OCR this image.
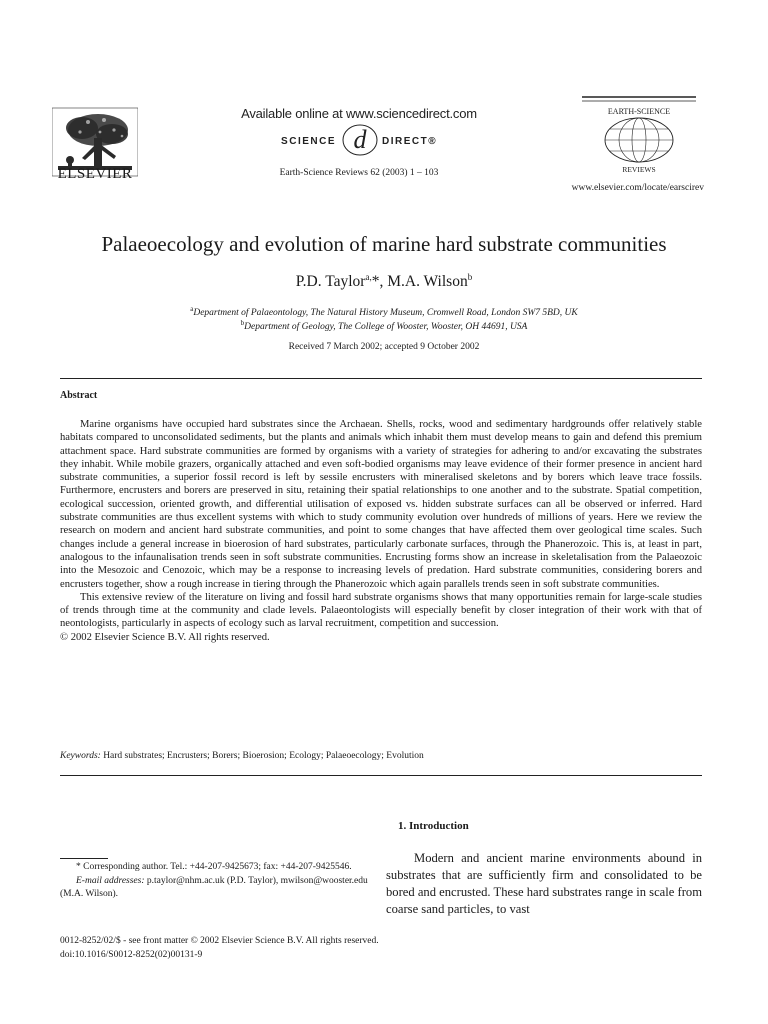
ELSEVIER
Available online at www.sciencedirect.com
SCIENCE d DIRECT®
Earth-Science Reviews 62 (2003) 1 – 103
EARTH-SCIENCE
REVIEWS
www.elsevier.com/locate/earscirev
Palaeoecology and evolution of marine hard substrate communities
P.D. Taylor$^{a,}$*, M.A. Wilson$^b$
$^a$Department of Palaeontology, The Natural History Museum, Cromwell Road, London SW7 5BD, UK
$^b$Department of Geology, The College of Wooster, Wooster, OH 44691, USA
Received 7 March 2002; accepted 9 October 2002
Abstract

Marine organisms have occupied hard substrates since the Archaean. Shells, rocks, wood and sedimentary hardgrounds offer relatively stable habitats compared to unconsolidated sediments, but the plants and animals which inhabit them must develop means to gain and defend this premium attachment space. Hard substrate communities are formed by organisms with a variety of strategies for adhering to and/or excavating the substrates they inhabit. While mobile grazers, organically attached and even soft-bodied organisms may leave evidence of their former presence in ancient hard substrate communities, a superior fossil record is left by sessile encrusters with mineralised skeletons and by borers which leave trace fossils. Furthermore, encrusters and borers are preserved in situ, retaining their spatial relationships to one another and to the substrate. Spatial competition, ecological succession, oriented growth, and differential utilisation of exposed vs. hidden substrate surfaces can all be observed or inferred. Hard substrate communities are thus excellent systems with which to study community evolution over hundreds of millions of years. Here we review the research on modern and ancient hard substrate communities, and point to some changes that have affected them over geological time scales. Such changes include a general increase in bioerosion of hard substrates, particularly carbonate surfaces, through the Phanerozoic. This is, at least in part, analogous to the infaunalisation trends seen in soft substrate communities. Encrusting forms show an increase in skeletalisation from the Palaeozoic into the Mesozoic and Cenozoic, which may be a response to increasing levels of predation. Hard substrate communities, considering borers and encrusters together, show a rough increase in tiering through the Phanerozoic which again parallels trends seen in soft substrate communities.

This extensive review of the literature on living and fossil hard substrate organisms shows that many opportunities remain for large-scale studies of trends through time at the community and clade levels. Palaeontologists will especially benefit by closer integration of their work with that of neontologists, particularly in aspects of ecology such as larval recruitment, competition and succession.

© 2002 Elsevier Science B.V. All rights reserved.

Keywords: Hard substrates; Encrusters; Borers; Bioerosion; Ecology; Palaeoecology; Evolution
1. Introduction

Modern and ancient marine environments abound in substrates that are sufficiently firm and consolidated to be bored and encrusted. These hard substrates range in scale from coarse sand particles, to vast

* Corresponding author. Tel.: +44-207-9425673; fax: +44-207-9425546.

E-mail addresses: p.taylor@nhm.ac.uk (P.D. Taylor), mwilson@wooster.edu (M.A. Wilson).

0012-8252/02/$ - see front matter © 2002 Elsevier Science B.V. All rights reserved.
doi:10.1016/S0012-8252(02)00131-9
